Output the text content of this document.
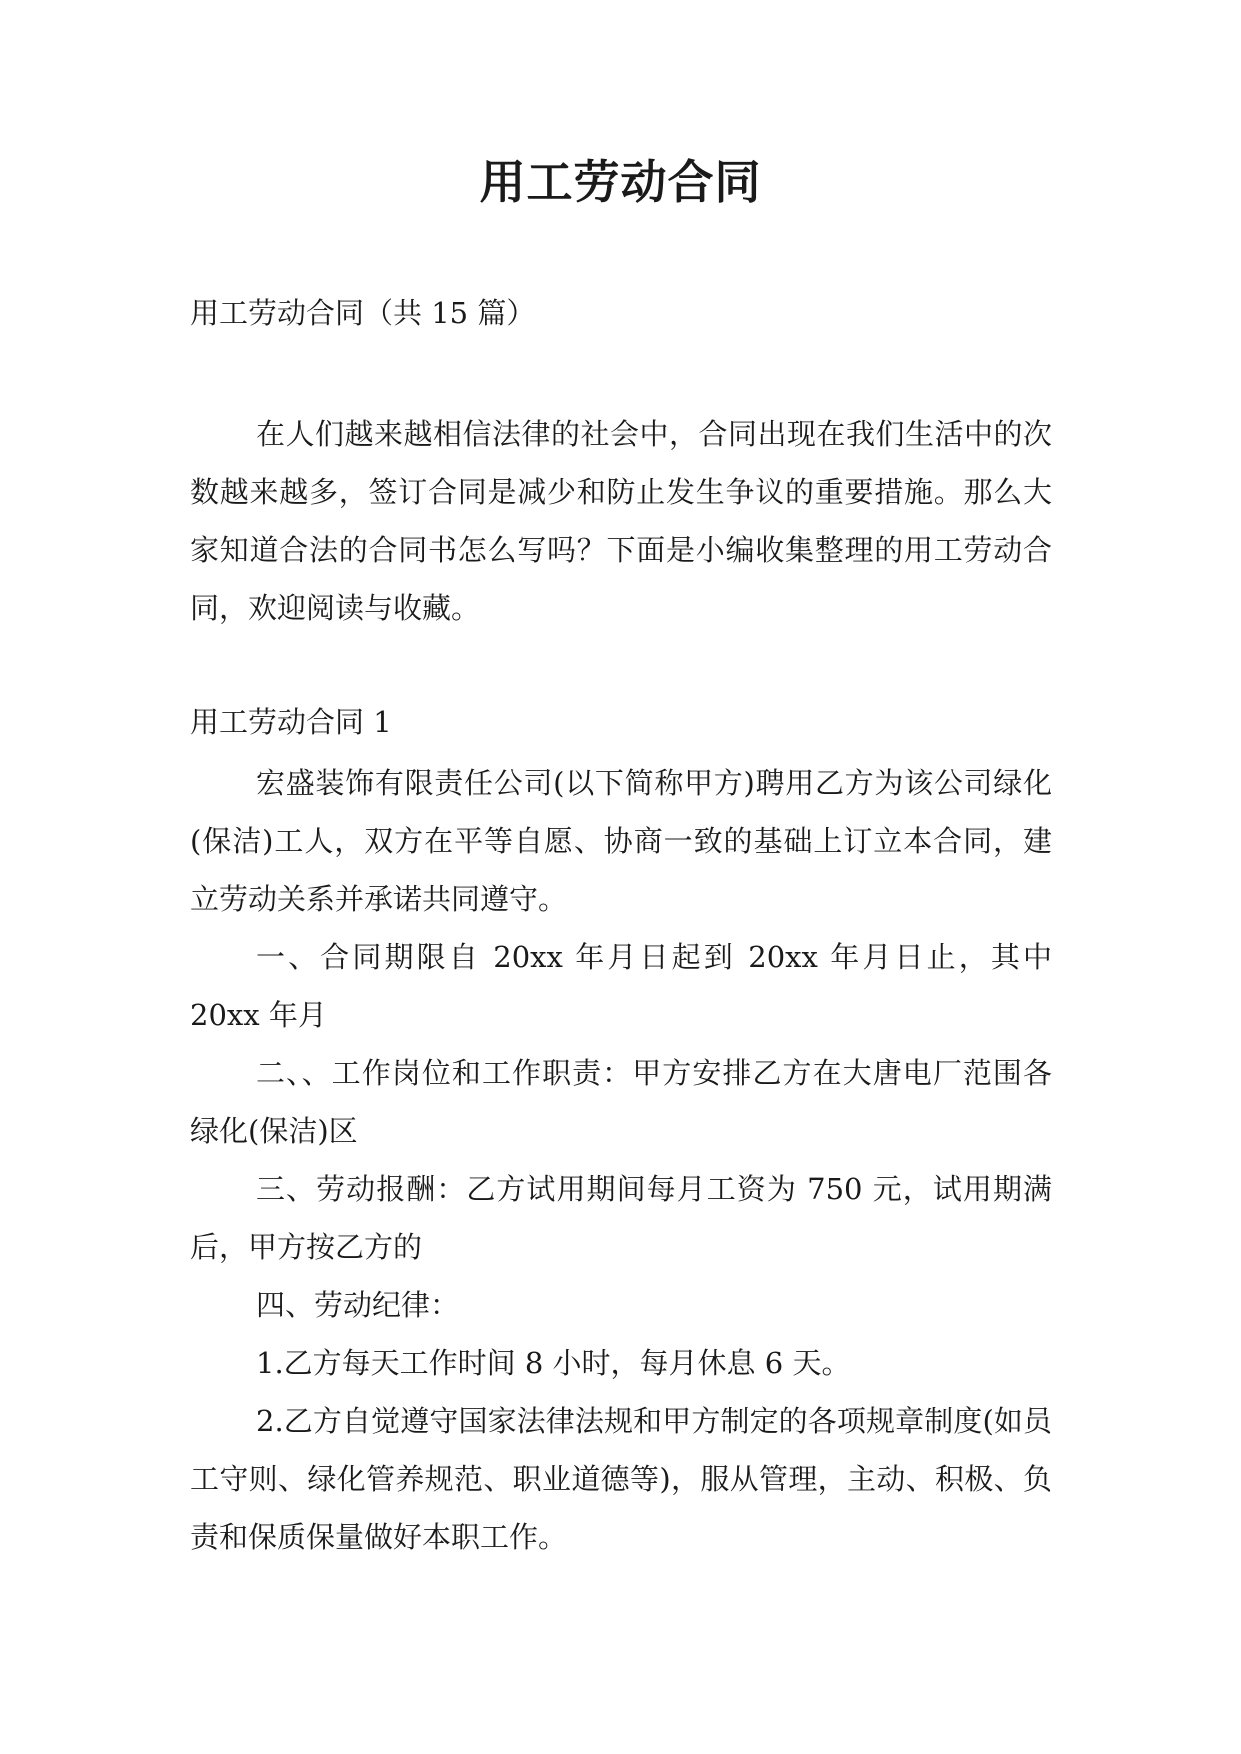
用工劳动合同
用工劳动合同（共 15 篇）
在人们越来越相信法律的社会中，合同出现在我们生活中的次数越来越多，签订合同是减少和防止发生争议的重要措施。那么大家知道合法的合同书怎么写吗？下面是小编收集整理的用工劳动合同，欢迎阅读与收藏。
用工劳动合同 1

宏盛装饰有限责任公司(以下简称甲方)聘用乙方为该公司绿化(保洁)工人，双方在平等自愿、协商一致的基础上订立本合同，建立劳动关系并承诺共同遵守。

一、合同期限自 20xx 年月日起到 20xx 年月日止，其中 20xx 年月

二、、工作岗位和工作职责：甲方安排乙方在大唐电厂范围各绿化(保洁)区

三、劳动报酬：乙方试用期间每月工资为 750 元，试用期满后，甲方按乙方的

四、劳动纪律：

1.乙方每天工作时间 8 小时，每月休息 6 天。

2.乙方自觉遵守国家法律法规和甲方制定的各项规章制度(如员工守则、绿化管养规范、职业道德等)，服从管理，主动、积极、负责和保质保量做好本职工作。
